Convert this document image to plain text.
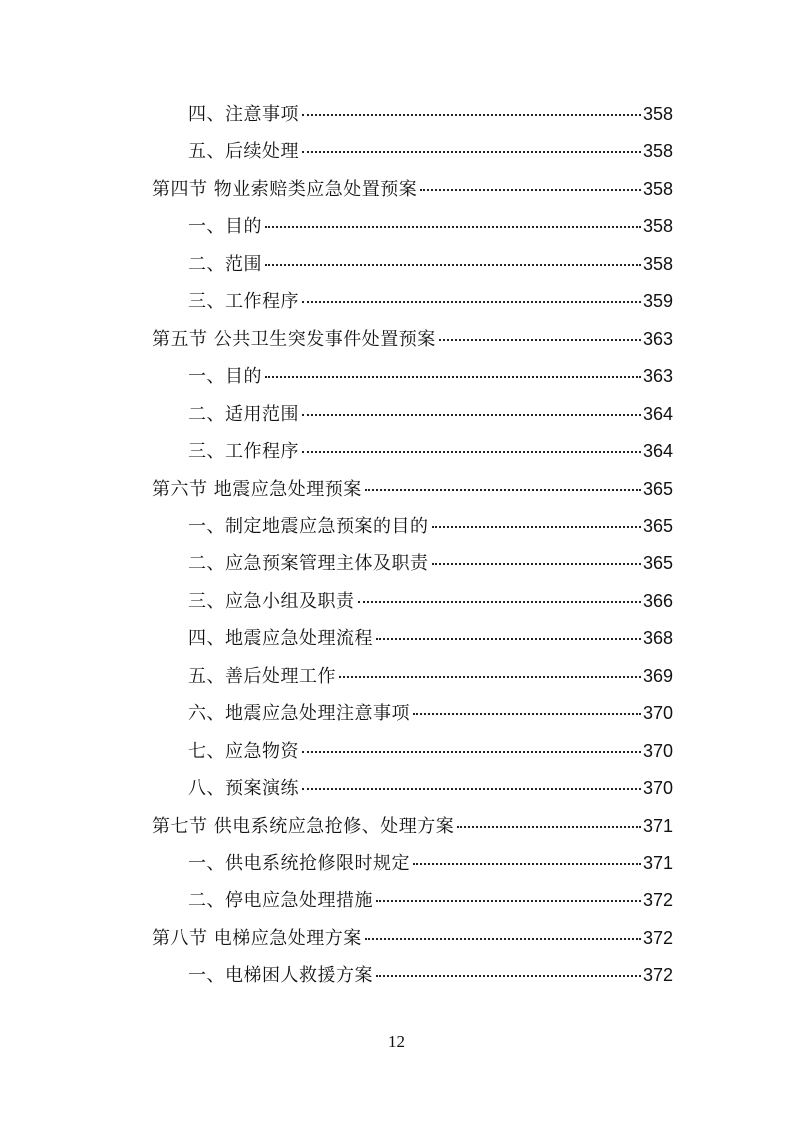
四、注意事项	358
五、后续处理	358
第四节 物业索赔类应急处置预案	358
一、目的	358
二、范围	358
三、工作程序	359
第五节 公共卫生突发事件处置预案	363
一、目的	363
二、适用范围	364
三、工作程序	364
第六节 地震应急处理预案	365
一、制定地震应急预案的目的	365
二、应急预案管理主体及职责	365
三、应急小组及职责	366
四、地震应急处理流程	368
五、善后处理工作	369
六、地震应急处理注意事项	370
七、应急物资	370
八、预案演练	370
第七节 供电系统应急抢修、处理方案	371
一、供电系统抢修限时规定	371
二、停电应急处理措施	372
第八节 电梯应急处理方案	372
一、电梯困人救援方案	372
12
